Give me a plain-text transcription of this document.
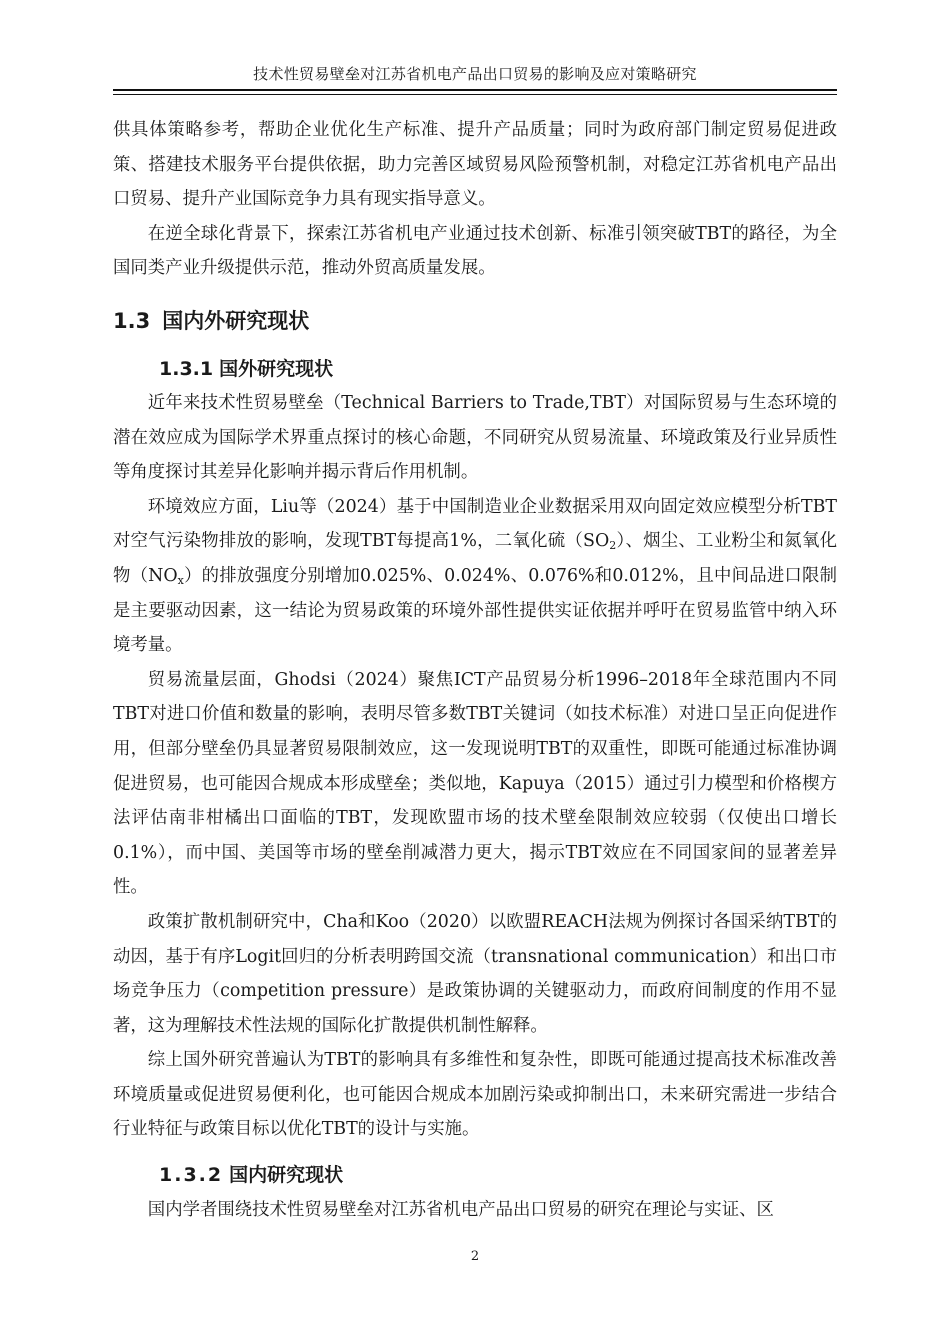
技术性贸易壁垒对江苏省机电产品出口贸易的影响及应对策略研究

供具体策略参考，帮助企业优化生产标准、提升产品质量；同时为政府部门制定贸易促进政策、搭建技术服务平台提供依据，助力完善区域贸易风险预警机制，对稳定江苏省机电产品出口贸易、提升产业国际竞争力具有现实指导意义。

在逆全球化背景下，探索江苏省机电产业通过技术创新、标准引领突破TBT的路径，为全国同类产业升级提供示范，推动外贸高质量发展。

1.3 国内外研究现状
1.3.1 国外研究现状

近年来技术性贸易壁垒（Technical Barriers to Trade,TBT）对国际贸易与生态环境的潜在效应成为国际学术界重点探讨的核心命题，不同研究从贸易流量、环境政策及行业异质性等角度探讨其差异化影响并揭示背后作用机制。

环境效应方面，Liu等（2024）基于中国制造业企业数据采用双向固定效应模型分析TBT对空气污染物排放的影响，发现TBT每提高1%，二氧化硫$(SO_2)$、烟尘、工业粉尘和氮氧化物$(NO_x)$的排放强度分别增加0.025%、0.024%、0.076%和0.012%，且中间品进口限制是主要驱动因素，这一结论为贸易政策的环境外部性提供实证依据并呼吁在贸易监管中纳入环境考量。

贸易流量层面，Ghodsi（2024）聚焦ICT产品贸易分析1996–2018年全球范围内不同TBT对进口价值和数量的影响，表明尽管多数TBT关键词（如技术标准）对进口呈正向促进作用，但部分壁垒仍具显著贸易限制效应，这一发现说明TBT的双重性，即既可能通过标准协调促进贸易，也可能因合规成本形成壁垒；类似地，Kapuya（2015）通过引力模型和价格楔方法评估南非柑橘出口面临的TBT，发现欧盟市场的技术壁垒限制效应较弱（仅使出口增长0.1%），而中国、美国等市场的壁垒削减潜力更大，揭示TBT效应在不同国家间的显著差异性。

政策扩散机制研究中，Cha和Koo（2020）以欧盟REACH法规为例探讨各国采纳TBT的动因，基于有序Logit回归的分析表明跨国交流（transnational communication）和出口市场竞争压力（competition pressure）是政策协调的关键驱动力，而政府间制度的作用不显著，这为理解技术性法规的国际化扩散提供机制性解释。

综上国外研究普遍认为TBT的影响具有多维性和复杂性，即既可能通过提高技术标准改善环境质量或促进贸易便利化，也可能因合规成本加剧污染或抑制出口，未来研究需进一步结合行业特征与政策目标以优化TBT的设计与实施。

1.3.2 国内研究现状

国内学者围绕技术性贸易壁垒对江苏省机电产品出口贸易的研究在理论与实证、区

2
